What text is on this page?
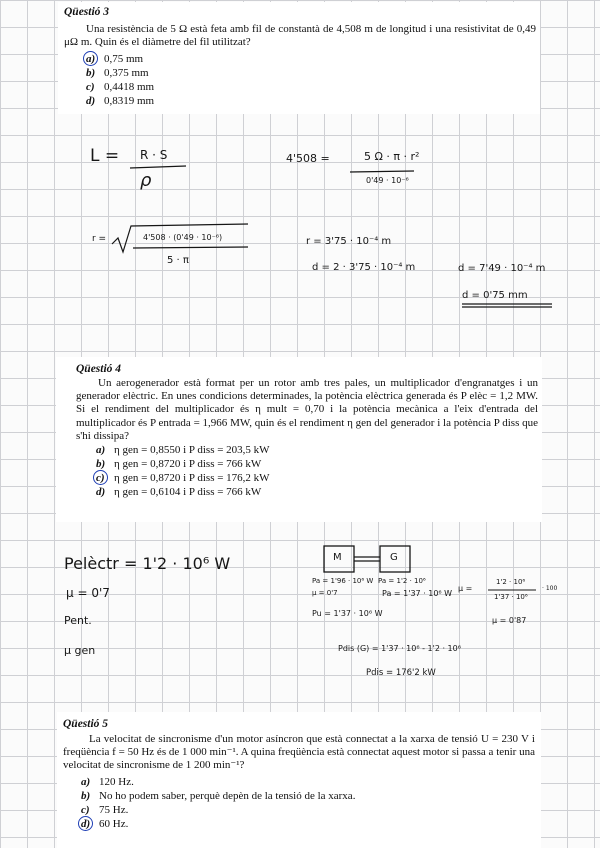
Qüestió 3
Una resistència de 5 Ω està feta amb fil de constantà de 4,508 m de longitud i una resistivitat de 0,49 μΩ m. Quin és el diàmetre del fil utilitzat?
a) 0,75 mm
b) 0,375 mm
c) 0,4418 mm
d) 0,8319 mm
L = R · S
ρ
4'508 =	5 Ω · π · r²
0'49 · 10⁻⁶
r =	4'508 · (0'49 · 10⁻⁶)
5 · π
r = 3'75 · 10⁻⁴ m
d = 2 · 3'75 · 10⁻⁴ m	d = 7'49 · 10⁻⁴ m
d = 0'75 mm
Qüestió 4
Un aerogenerador està format per un rotor amb tres pales, un multiplicador d'engranatges i un generador elèctric. En unes condicions determinades, la potència elèctrica generada és P elèc = 1,2 MW. Si el rendiment del multiplicador és η mult = 0,70 i la potència mecànica a l'eix d'entrada del multiplicador és P entrada = 1,966 MW, quin és el rendiment η gen del generador i la potència P diss que s'hi dissipa?
a) η gen = 0,8550 i P diss = 203,5 kW
b) η gen = 0,8720 i P diss = 766 kW
c) η gen = 0,8720 i P diss = 176,2 kW
d) η gen = 0,6104 i P diss = 766 kW
Pelèctr = 1'2 · 10⁶ W
μ = 0'7
Pent.
μ gen
M	G
Pa = 1'96 · 10⁶ W Pa = 1'2 · 10⁶
μ = 0'7	Pa = 1'37 · 10⁶ W
Pu = 1'37 · 10⁶ W
μ =
1'2 · 10⁶
1'37 · 10⁶
· 100
μ = 0'87
Pdis (G) = 1'37 · 10⁶ - 1'2 · 10⁶
Pdis = 176'2 kW
Qüestió 5
La velocitat de sincronisme d'un motor asíncron que està connectat a la xarxa de tensió U = 230 V i freqüència f = 50 Hz és de 1 000 min⁻¹. A quina freqüència està connectat aquest motor si passa a tenir una velocitat de sincronisme de 1 200 min⁻¹?
a) 120 Hz.
b) No ho podem saber, perquè depèn de la tensió de la xarxa.
c) 75 Hz.
d) 60 Hz.
